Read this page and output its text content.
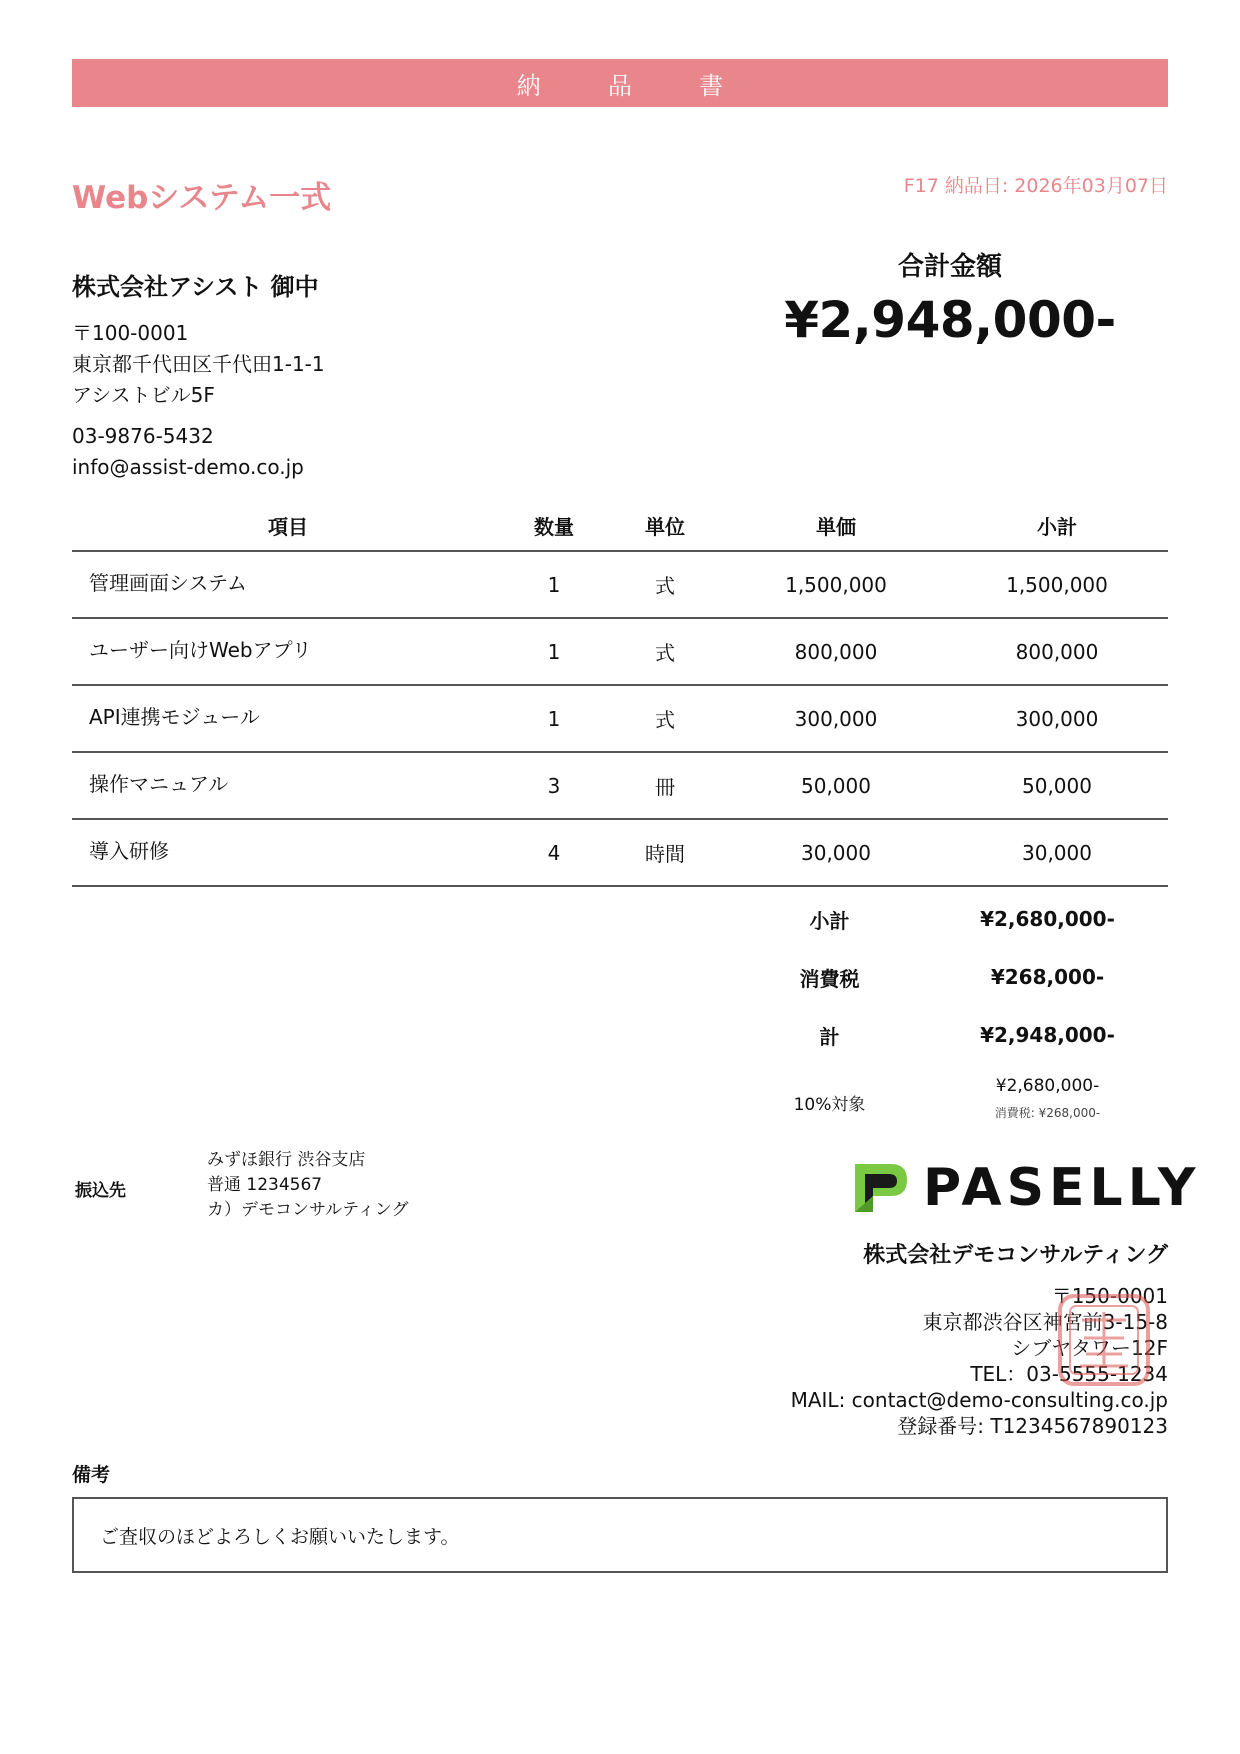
納　品　書
Webシステム一式	F17 納品日: 2026年03月07日
株式会社アシスト 御中
〒100-0001
東京都千代田区千代田1-1-1
アシストビル5F
03-9876-5432
info@assist-demo.co.jp
合計金額
¥2,948,000-
項目	数量	単位	単価	小計
管理画面システム	1	式	1,500,000	1,500,000
ユーザー向けWebアプリ	1	式	800,000	800,000
API連携モジュール	1	式	300,000	300,000
操作マニュアル	3	冊	50,000	50,000
導入研修	4	時間	30,000	30,000
小計	¥2,680,000-
消費税	¥268,000-
計	¥2,948,000-
10%対象
¥2,680,000-
消費税: ¥268,000-
振込先
みずほ銀行 渋谷支店
普通 1234567
カ）デモコンサルティング	PASELLY
株式会社デモコンサルティング
〒150-0001
東京都渋谷区神宮前3-15-8
シブヤタワー12F
TEL：03-5555-1234
MAIL: contact@demo-consulting.co.jp
登録番号: T1234567890123
備考
ご査収のほどよろしくお願いいたします。
